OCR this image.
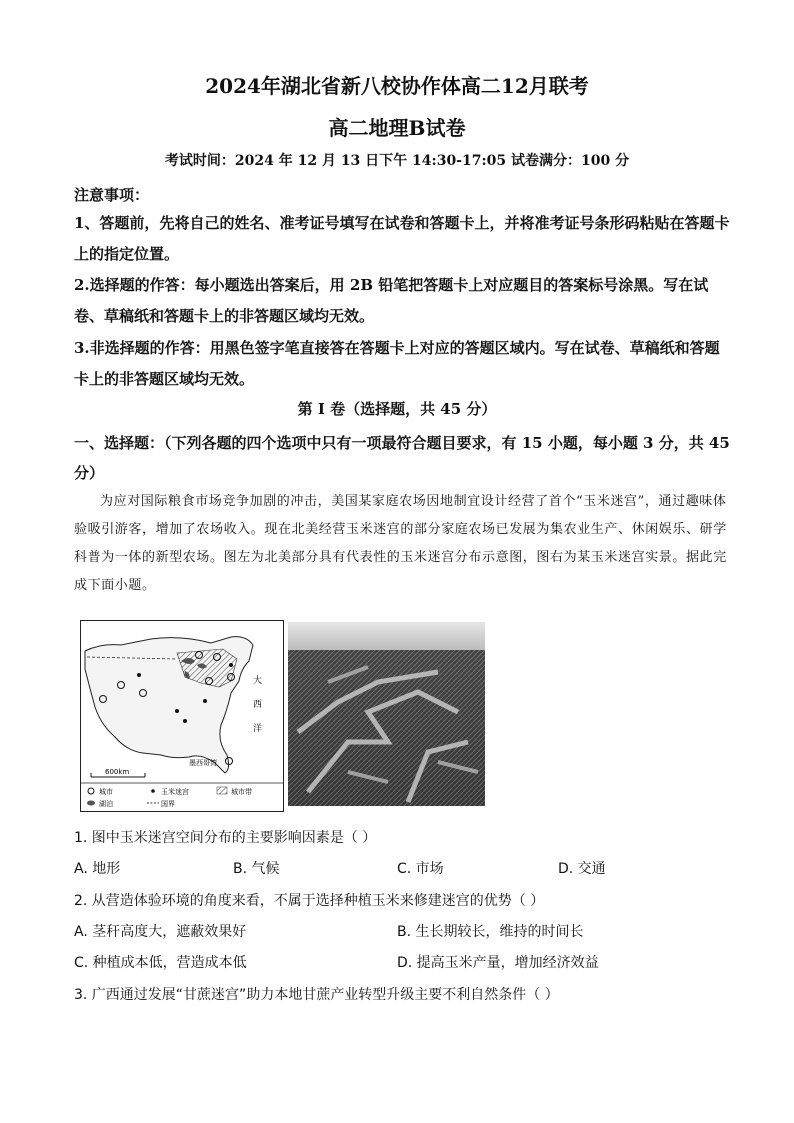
2024年湖北省新八校协作体高二12月联考
高二地理B试卷
考试时间：2024 年 12 月 13 日下午 14:30-17:05 试卷满分：100 分
注意事项：
1、答题前，先将自己的姓名、准考证号填写在试卷和答题卡上，并将准考证号条形码粘贴在答题卡上的指定位置。
2.选择题的作答：每小题选出答案后，用 2B 铅笔把答题卡上对应题目的答案标号涂黑。写在试卷、草稿纸和答题卡上的非答题区域均无效。
3.非选择题的作答：用黑色签字笔直接答在答题卡上对应的答题区域内。写在试卷、草稿纸和答题卡上的非答题区域均无效。
第 I 卷（选择题，共 45 分）
一、选择题：（下列各题的四个选项中只有一项最符合题目要求，有 15 小题，每小题 3 分，共 45 分）
为应对国际粮食市场竞争加剧的冲击，美国某家庭农场因地制宜设计经营了首个“玉米迷宫”，通过趣味体验吸引游客，增加了农场收入。现在北美经营玉米迷宫的部分家庭农场已发展为集农业生产、休闲娱乐、研学科普为一体的新型农场。图左为北美部分具有代表性的玉米迷宫分布示意图，图右为某玉米迷宫实景。据此完成下面小题。
大
西
洋
墨西哥湾
600km
城市	玉米迷宫	城市带
湖泊	国界
1. 图中玉米迷宫空间分布的主要影响因素是（ ）
A. 地形	B. 气候	C. 市场	D. 交通
2. 从营造体验环境的角度来看，不属于选择种植玉米来修建迷宫的优势（ ）
A. 茎秆高度大，遮蔽效果好	B. 生长期较长，维持的时间长
C. 种植成本低，营造成本低	D. 提高玉米产量，增加经济效益
3. 广西通过发展“甘蔗迷宫”助力本地甘蔗产业转型升级主要不利自然条件（ ）
